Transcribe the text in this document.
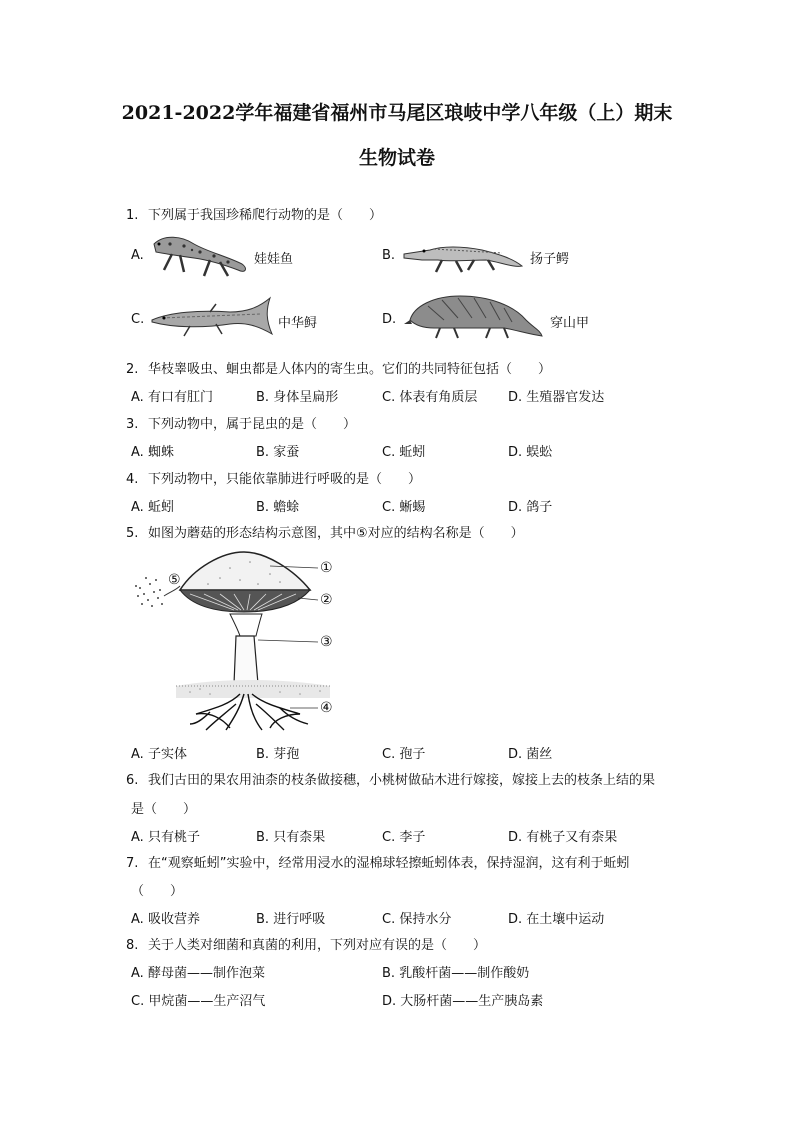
2021-2022学年福建省福州市马尾区琅岐中学八年级（上）期末
生物试卷
1. 下列属于我国珍稀爬行动物的是（　　）
A.	娃娃鱼	B.	扬子鳄
C.	中华鲟	D.	穿山甲
2. 华枝睾吸虫、蛔虫都是人体内的寄生虫。它们的共同特征包括（　　）
A. 有口有肛门	B. 身体呈扁形	C. 体表有角质层 D. 生殖器官发达
3. 下列动物中，属于昆虫的是（　　）
A. 蜘蛛	B. 家蚕	C. 蚯蚓	D. 蜈蚣
4. 下列动物中，只能依靠肺进行呼吸的是（　　）
A. 蚯蚓	B. 蟾蜍	C. 蜥蜴	D. 鸽子
5. 如图为蘑菇的形态结构示意图，其中⑤对应的结构名称是（　　）
①
②
③
④
⑤
A. 子实体	B. 芽孢	C. 孢子	D. 菌丝
6. 我们古田的果农用油柰的枝条做接穗，小桃树做砧木进行嫁接，嫁接上去的枝条上结的果
是（　　）
A. 只有桃子	B. 只有柰果	C. 李子	D. 有桃子又有柰果
7. 在“观察蚯蚓”实验中，经常用浸水的湿棉球轻擦蚯蚓体表，保持湿润，这有利于蚯蚓
（　　）
A. 吸收营养	B. 进行呼吸	C. 保持水分	D. 在土壤中运动
8. 关于人类对细菌和真菌的利用，下列对应有误的是（　　）
A. 酵母菌——制作泡菜	B. 乳酸杆菌——制作酸奶
C. 甲烷菌——生产沼气	D. 大肠杆菌——生产胰岛素
